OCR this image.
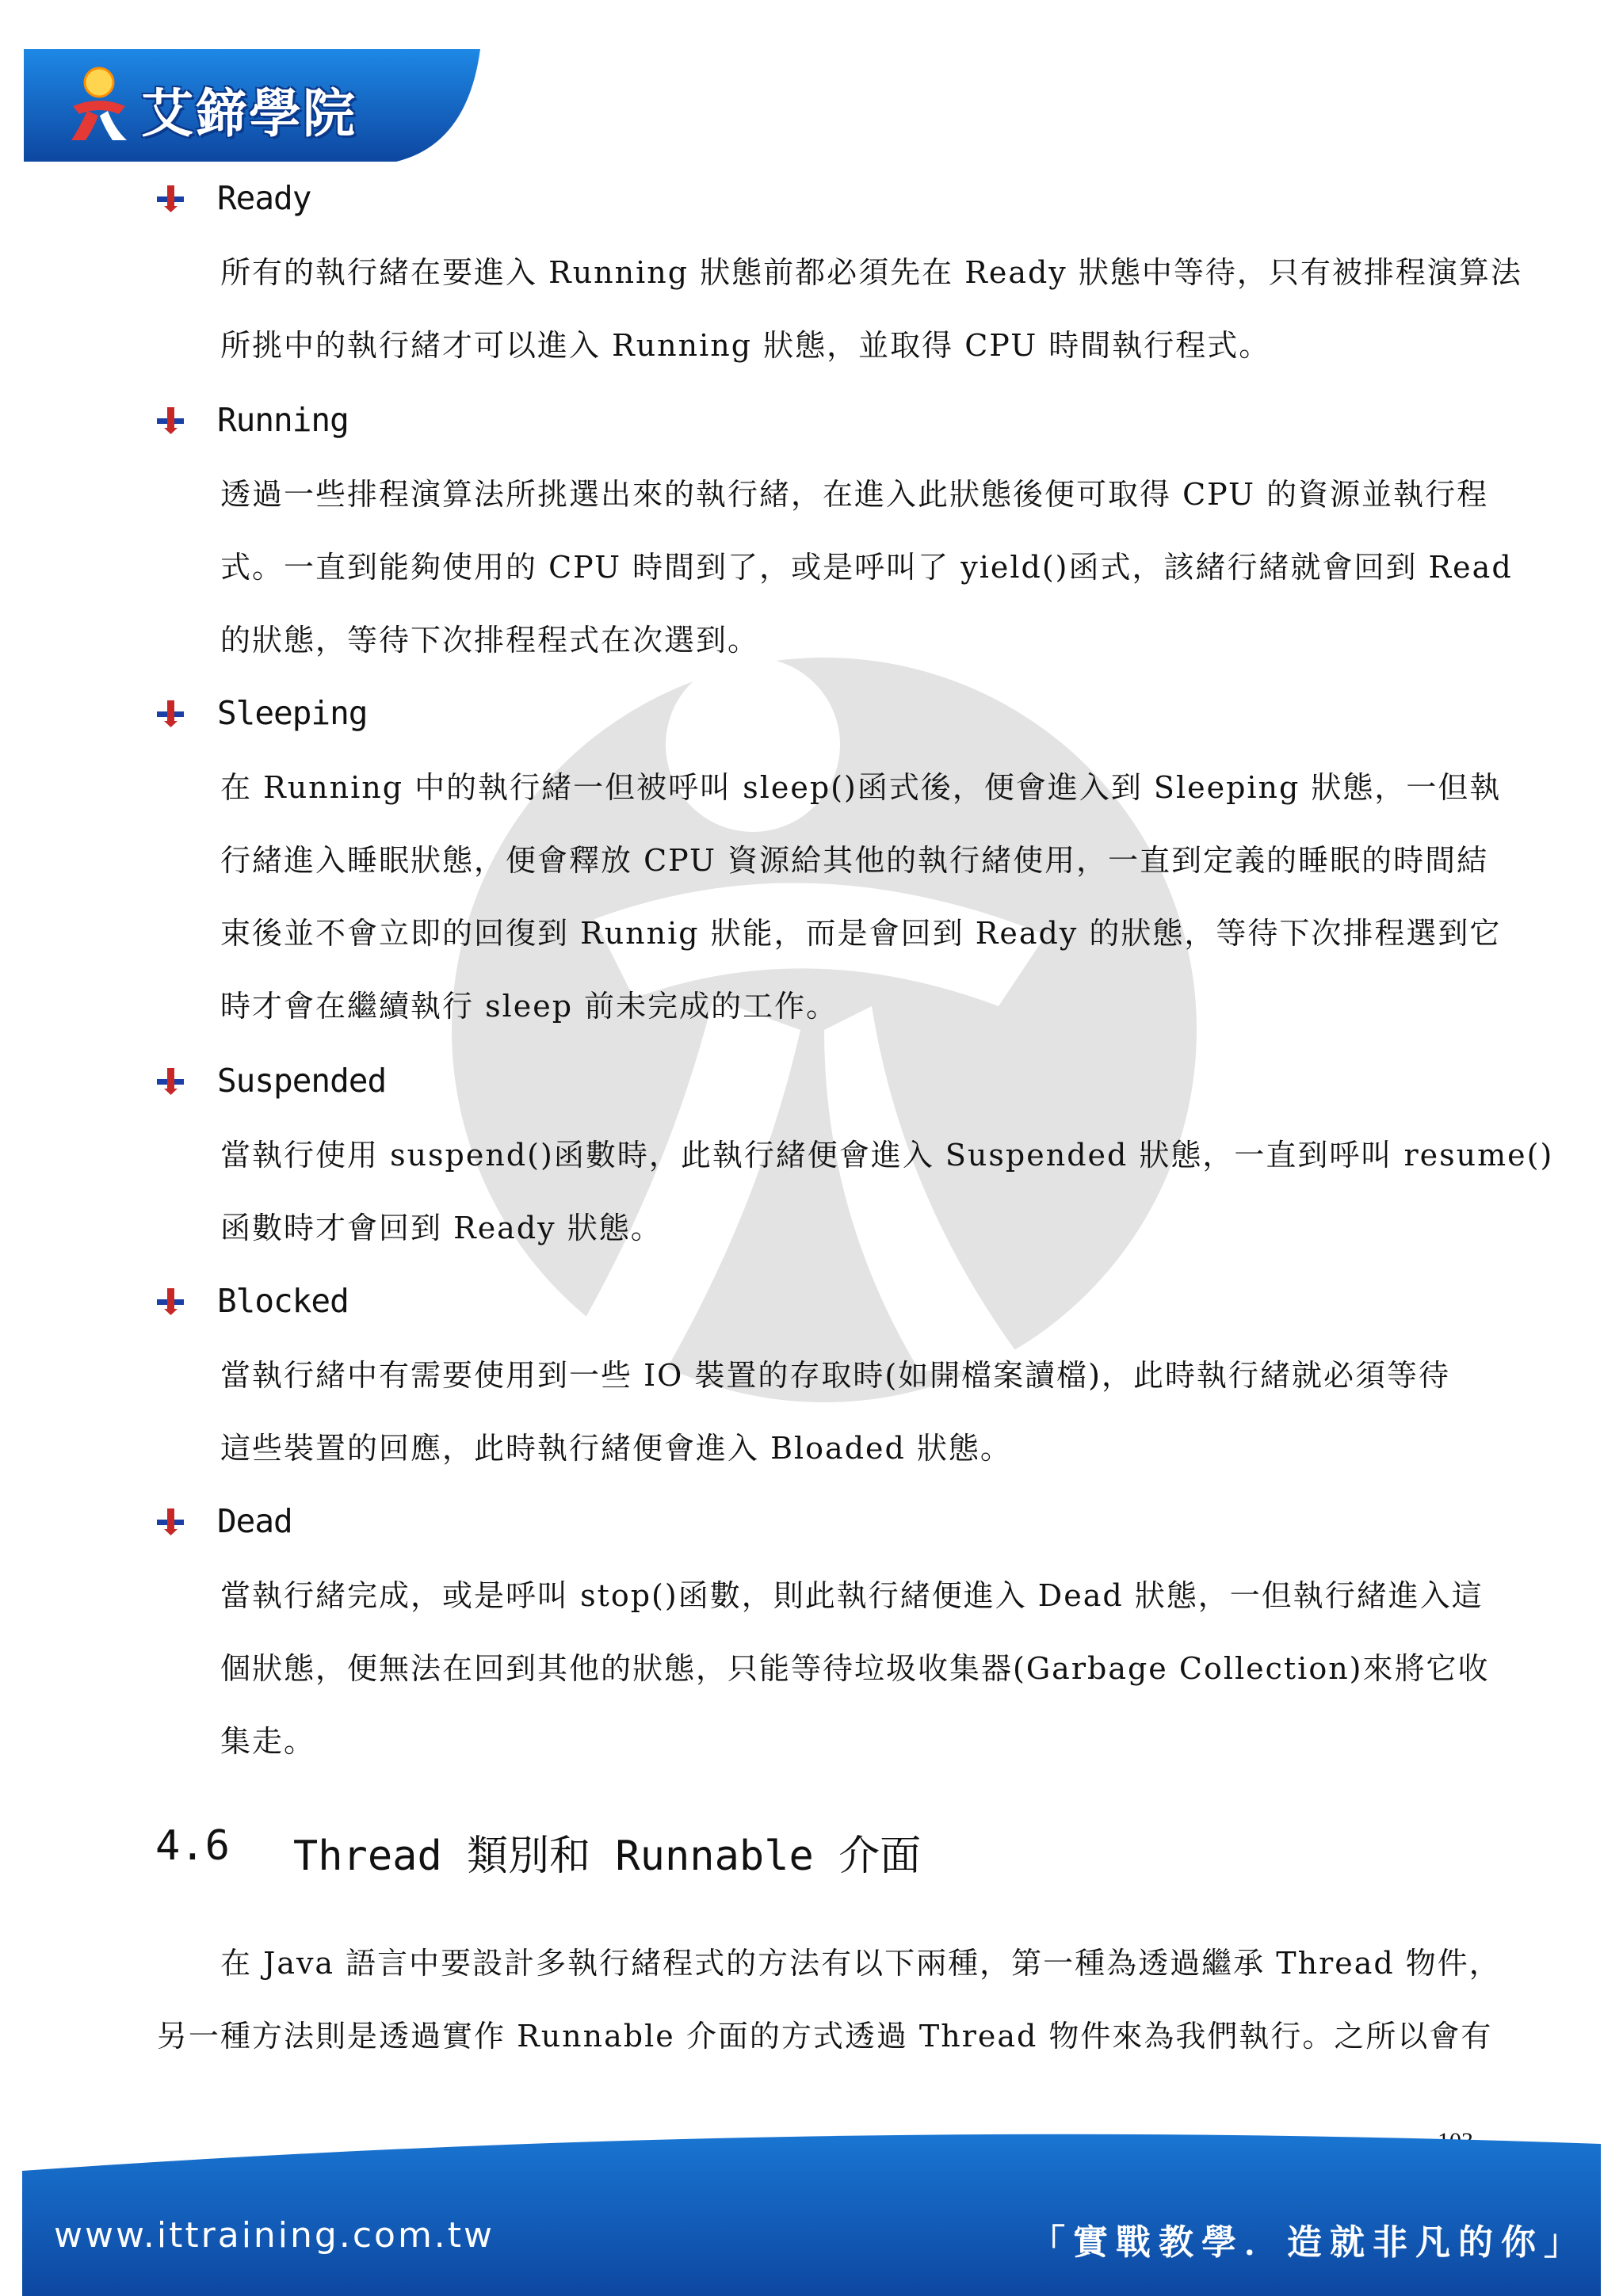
艾鍗學院
Ready
所有的執行緒在要進入 Running 狀態前都必須先在 Ready 狀態中等待，只有被排程演算法
所挑中的執行緒才可以進入 Running 狀態，並取得 CPU 時間執行程式。
Running
透過一些排程演算法所挑選出來的執行緒，在進入此狀態後便可取得 CPU 的資源並執行程
式。一直到能夠使用的 CPU 時間到了，或是呼叫了 yield()函式，該緒行緒就會回到 Read
的狀態，等待下次排程程式在次選到。
Sleeping
在 Running 中的執行緒一但被呼叫 sleep()函式後，便會進入到 Sleeping 狀態，一但執
行緒進入睡眠狀態，便會釋放 CPU 資源給其他的執行緒使用，一直到定義的睡眠的時間結
束後並不會立即的回復到 Runnig 狀能，而是會回到 Ready 的狀態，等待下次排程選到它
時才會在繼續執行 sleep 前未完成的工作。
Suspended
當執行使用 suspend()函數時，此執行緒便會進入 Suspended 狀態，一直到呼叫 resume()
函數時才會回到 Ready 狀態。
Blocked
當執行緒中有需要使用到一些 IO 裝置的存取時(如開檔案讀檔)，此時執行緒就必須等待
這些裝置的回應，此時執行緒便會進入 Bloaded 狀態。
Dead
當執行緒完成，或是呼叫 stop()函數，則此執行緒便進入 Dead 狀態，一但執行緒進入這
個狀態，便無法在回到其他的狀態，只能等待垃圾收集器(Garbage Collection)來將它收
集走。
4.6 Thread 類別和 Runnable 介面
在 Java 語言中要設計多執行緒程式的方法有以下兩種，第一種為透過繼承 Thread 物件，
另一種方法則是透過實作 Runnable 介面的方式透過 Thread 物件來為我們執行。之所以會有
www.ittraining.com.tw	「實戰教學．造就非凡的你」
